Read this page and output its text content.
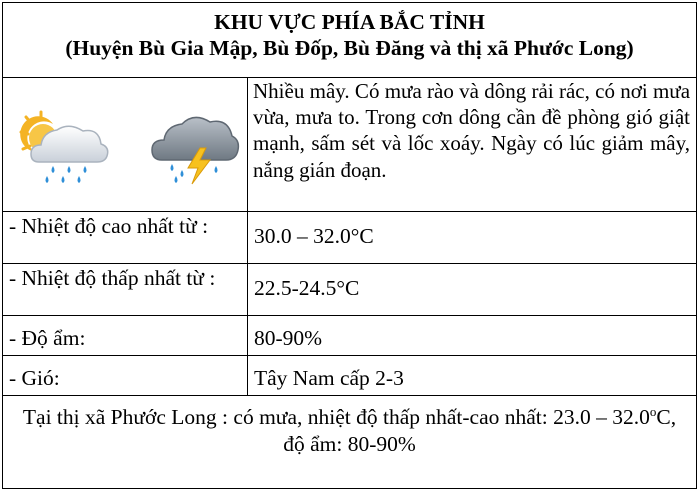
KHU VỰC PHÍA BẮC TỈNH
(Huyện Bù Gia Mập, Bù Đốp, Bù Đăng và thị xã Phước Long)	

	Nhiều mây. Có mưa rào và dông rải rác, có nơi mưa vừa, mưa to. Trong cơn dông cần đề phòng gió giật mạnh, sấm sét và lốc xoáy. Ngày có lúc giảm mây, nắng gián đoạn.
- Nhiệt độ cao nhất từ :	30.0 – 32.0°C
- Nhiệt độ thấp nhất từ :	22.5-24.5°C
- Độ ẩm:	80-90%
- Gió:	Tây Nam cấp 2-3

Tại thị xã Phước Long : có mưa, nhiệt độ thấp nhất-cao nhất: 23.0 – 32.0$^o$C,
độ ẩm: 80-90%	
